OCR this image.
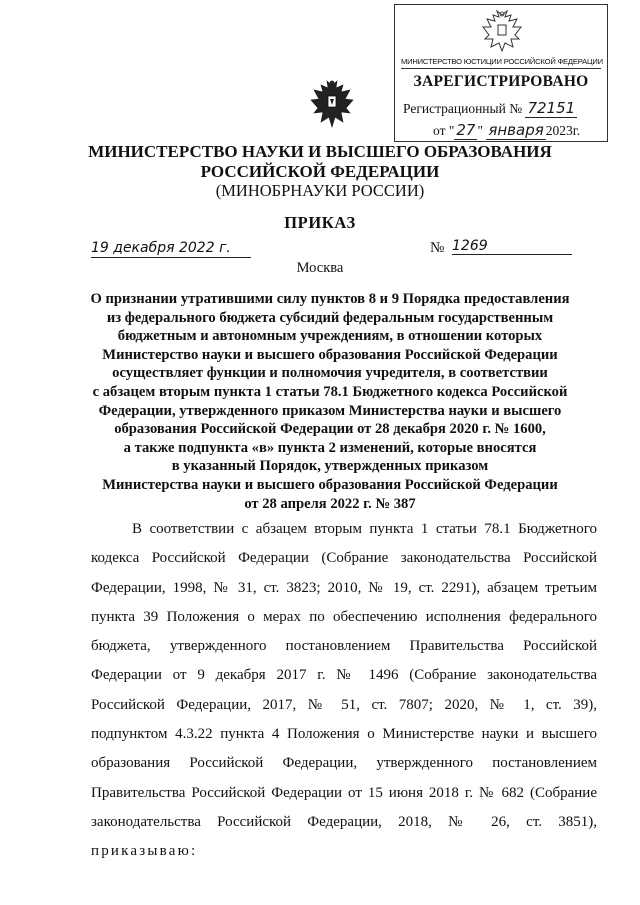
МИНИСТЕРСТВО ЮСТИЦИИ РОССИЙСКОЙ ФЕДЕРАЦИИ
ЗАРЕГИСТРИРОВАНО
Регистрационный № 72151
от " 27 " января 2023г.
МИНИСТЕРСТВО НАУКИ И ВЫСШЕГО ОБРАЗОВАНИЯ
РОССИЙСКОЙ ФЕДЕРАЦИИ
(МИНОБРНАУКИ РОССИИ)
ПРИКАЗ
19 декабря 2022 г.	№ 1269
Москва
О признании утратившими силу пунктов 8 и 9 Порядка предоставления
из федерального бюджета субсидий федеральным государственным
бюджетным и автономным учреждениям, в отношении которых
Министерство науки и высшего образования Российской Федерации
осуществляет функции и полномочия учредителя, в соответствии
с абзацем вторым пункта 1 статьи 78.1 Бюджетного кодекса Российской
Федерации, утвержденного приказом Министерства науки и высшего
образования Российской Федерации от 28 декабря 2020 г. № 1600,
а также подпункта «в» пункта 2 изменений, которые вносятся
в указанный Порядок, утвержденных приказом
Министерства науки и высшего образования Российской Федерации
от 28 апреля 2022 г. № 387
В соответствии с абзацем вторым пункта 1 статьи 78.1 Бюджетного
кодекса Российской Федерации (Собрание законодательства Российской
Федерации, 1998, № 31, ст. 3823; 2010, № 19, ст. 2291), абзацем третьим
пункта 39 Положения о мерах по обеспечению исполнения федерального
бюджета, утвержденного постановлением Правительства Российской
Федерации от 9 декабря 2017 г. № 1496 (Собрание законодательства
Российской Федерации, 2017, № 51, ст. 7807; 2020, № 1, ст. 39),
подпунктом 4.3.22 пункта 4 Положения о Министерстве науки и высшего
образования Российской Федерации, утвержденного постановлением
Правительства Российской Федерации от 15 июня 2018 г. № 682 (Собрание
законодательства Российской Федерации, 2018, № 26, ст. 3851),
приказываю:
